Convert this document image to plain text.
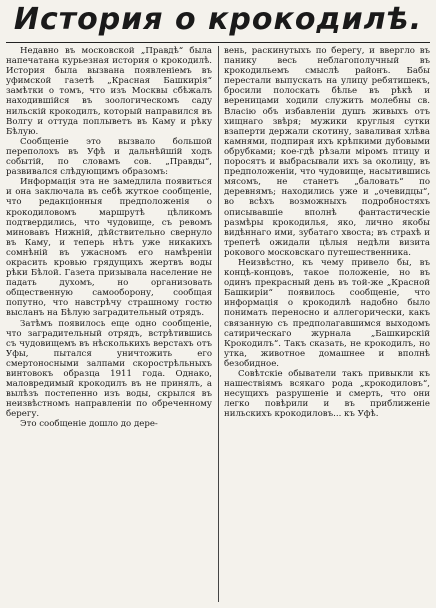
История о крокодилѣ.

Недавно въ московской „Правдѣ“ была напечатана курьезная история о крокодилѣ. История была вызвана появленіемъ въ уфимской газетѣ „Красная Башкирія“ замѣтки о томъ, что изъ Москвы сбѣжалъ находившійся въ зоологическомъ саду нильскій крокодилъ, который направился въ Волгу и оттуда поплыветъ въ Каму и рѣку Бѣлую.

Сообщеніе это вызвало большой переполохъ въ Уфѣ и дальнѣйшій ходъ событій, по словамъ сов. „Правды“, развивался слѣдующимъ образомъ:

Информація эта не замедлила появиться и она заключала въ себѣ жуткое сообщеніе, что редакціонныя предположенія о крокодиловомъ маршрутѣ цѣликомъ подтвердились, что чудовище, съ ревомъ миновавъ Нижній, дѣйствительно свернуло въ Каму, и теперь нѣтъ уже никакихъ сомнѣній въ ужасномъ его намѣреніи окрасить кровью грядущихъ жертвъ воды рѣки Бѣлой. Газета призывала население не падать духомъ, но организовать общественную самооборону, сообщая попутно, что навстрѣчу страшному гостю высланъ на Бѣлую заградительный отрядъ.

Затѣмъ появилось еще одно сообщеніе, что заградительный отрядъ, встрѣтившись съ чудовищемъ въ нѣсколькихъ верстахъ отъ Уфы, пытался уничтожить его смертоносными залпами скорострѣльныхъ винтовокъ образца 1911 года. Однако, маловредимый крокодилъ въ не принялъ, а вылѣзъ постепенно изъ воды, скрылся въ неизвѣстномъ направленіи по обреченному берегу.

Это сообщеніе дошло до дере-

вень, раскинутыхъ по берегу, и ввергло въ панику весь неблагополучный въ крокодильемъ смыслѣ районъ. Бабы перестали выпускать на улицу ребятишекъ, бросили полоскать бѣлье въ рѣкѣ и вереницами ходили служить молебны св. Власію объ избавленіи душъ живыхъ отъ хищнаго звѣря; мужики круглыя сутки взаперти держали скотину, заваливая хлѣва камнями, подпирая ихъ крѣпкими дубовыми обрубками; кое-гдѣ рѣзали міромъ птицу и поросятъ и выбрасывали ихъ за околицу, въ предположеніи, что чудовище, насытившись мясомъ, не станетъ „баловать“ по деревнямъ; находились уже и „очевидцы“, во всѣхъ возможныхъ подробностяхъ описывавшіе вполнѣ фантастическіе размѣры крокодилья, яко, лично якобы видѣннаго ими, зубатаго хвоста; въ страхѣ и трепетѣ ожидали цѣлыя недѣли визита рокового московскаго путешественника.

Неизвѣстно, къ чему привело бы, въ концѣ-концовъ, такое положеніе, но въ одинъ прекрасный день въ той-же „Красной Башкиріи“ появилось сообщеніе, что информація о крокодилѣ надобно было понимать переносно и аллегорически, какъ связанную съ предполагавшимся выходомъ сатирическаго журнала „Башкирскій Крокодилъ“. Такъ сказать, не крокодилъ, но утка, животное домашнее и вполнѣ безобидное.

Совѣтскіе обыватели такъ привыкли къ нашествіямъ всякаго рода „крокодиловъ“, несущихъ разрушеніе и смерть, что они легко повѣрили и въ приближеніе нильскихъ крокодиловъ... къ Уфѣ.
